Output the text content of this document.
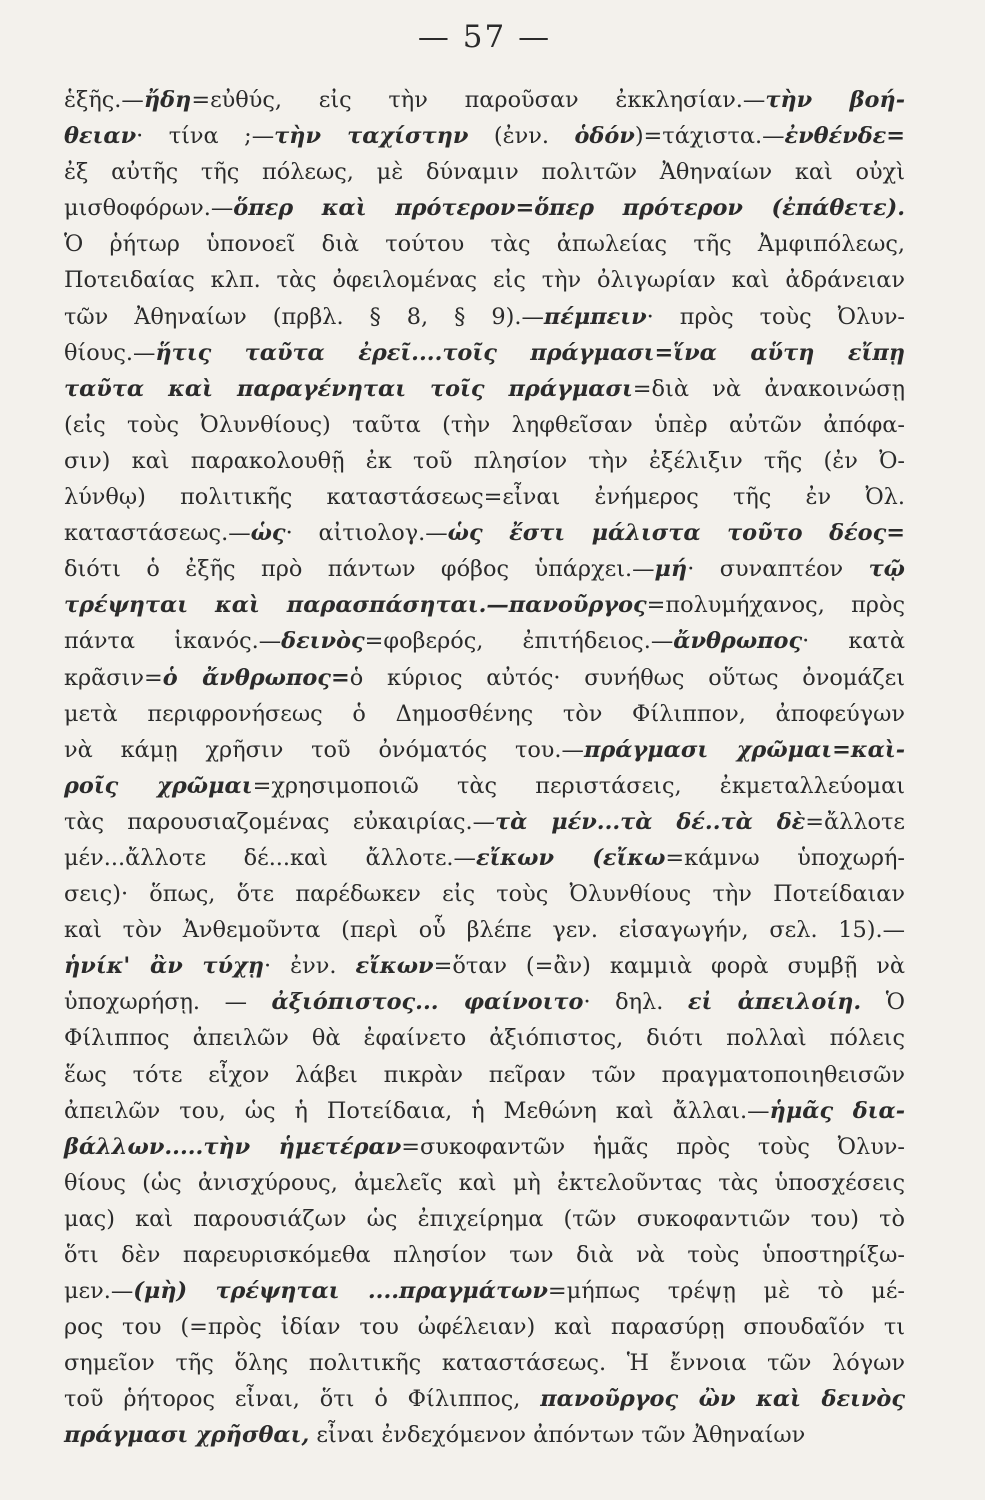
— 57 —
ἑξῆς.—ἤδη=εὐθύς, εἰς τὴν παροῦσαν ἐκκλησίαν.—τὴν βοή-
θειαν· τίνα ;—τὴν ταχίστην (ἐνν. ὁδόν)=τάχιστα.—ἐνθένδε=
ἐξ αὐτῆς τῆς πόλεως, μὲ δύναμιν πολιτῶν Ἀθηναίων καὶ οὐχὶ
μισθοφόρων.—ὅπερ καὶ πρότερον=ὅπερ πρότερον (ἐπάθετε).
Ὁ ῥήτωρ ὑπονοεῖ διὰ τούτου τὰς ἀπωλείας τῆς Ἀμφιπόλεως,
Ποτειδαίας κλπ. τὰς ὀφειλομένας εἰς τὴν ὀλιγωρίαν καὶ ἀδράνειαν
τῶν Ἀθηναίων (πρβλ. § 8, § 9).—πέμπειν· πρὸς τοὺς Ὀλυν-
θίους.—ἥτις ταῦτα ἐρεῖ....τοῖς πράγμασι=ἵνα αὕτη εἴπῃ
ταῦτα καὶ παραγένηται τοῖς πράγμασι=διὰ νὰ ἀνακοινώσῃ
(εἰς τοὺς Ὀλυνθίους) ταῦτα (τὴν ληφθεῖσαν ὑπὲρ αὐτῶν ἀπόφα-
σιν) καὶ παρακολουθῇ ἐκ τοῦ πλησίον τὴν ἐξέλιξιν τῆς (ἐν Ὀ-
λύνθῳ) πολιτικῆς καταστάσεως=εἶναι ἐνήμερος τῆς ἐν Ὀλ.
καταστάσεως.—ὡς· αἰτιολογ.—ὡς ἔστι μάλιστα τοῦτο δέος=
διότι ὁ ἐξῆς πρὸ πάντων φόβος ὑπάρχει.—μή· συναπτέον τῷ
τρέψηται καὶ παρασπάσηται.—πανοῦργος=πολυμήχανος, πρὸς
πάντα ἱκανός.—δεινὸς=φοβερός, ἐπιτήδειος.—ἄνθρωπος· κατὰ
κρᾶσιν=ὁ ἄνθρωπος=ὁ κύριος αὐτός· συνήθως οὕτως ὀνομάζει
μετὰ περιφρονήσεως ὁ Δημοσθένης τὸν Φίλιππον, ἀποφεύγων
νὰ κάμῃ χρῆσιν τοῦ ὀνόματός του.—πράγμασι χρῶμαι=καὶ-
ροῖς χρῶμαι=χρησιμοποιῶ τὰς περιστάσεις, ἐκμεταλλεύομαι
τὰς παρουσιαζομένας εὐκαιρίας.—τὰ μέν...τὰ δέ..τὰ δὲ=ἄλλοτε
μέν...ἄλλοτε δέ...καὶ ἄλλοτε.—εἴκων (εἴκω=κάμνω ὑποχωρή-
σεις)· ὅπως, ὅτε παρέδωκεν εἰς τοὺς Ὀλυνθίους τὴν Ποτείδαιαν
καὶ τὸν Ἀνθεμοῦντα (περὶ οὗ βλέπε γεν. εἰσαγωγήν, σελ. 15).—
ἡνίκ' ἂν τύχῃ· ἐνν. εἴκων=ὅταν (=ἂν) καμμιὰ φορὰ συμβῇ νὰ
ὑποχωρήσῃ. — ἀξιόπιστος... φαίνοιτο· δηλ. εἰ ἀπειλοίη. Ὁ
Φίλιππος ἀπειλῶν θὰ ἐφαίνετο ἀξιόπιστος, διότι πολλαὶ πόλεις
ἕως τότε εἶχον λάβει πικρὰν πεῖραν τῶν πραγματοποιηθεισῶν
ἀπειλῶν του, ὡς ἡ Ποτείδαια, ἡ Μεθώνη καὶ ἄλλαι.—ἡμᾶς δια-
βάλλων.....τὴν ἡμετέραν=συκοφαντῶν ἡμᾶς πρὸς τοὺς Ὀλυν-
θίους (ὡς ἀνισχύρους, ἀμελεῖς καὶ μὴ ἐκτελοῦντας τὰς ὑποσχέσεις
μας) καὶ παρουσιάζων ὡς ἐπιχείρημα (τῶν συκοφαντιῶν του) τὸ
ὅτι δὲν παρευρισκόμεθα πλησίον των διὰ νὰ τοὺς ὑποστηρίξω-
μεν.—(μὴ) τρέψηται ....πραγμάτων=μήπως τρέψῃ μὲ τὸ μέ-
ρος του (=πρὸς ἰδίαν του ὠφέλειαν) καὶ παρασύρῃ σπουδαῖόν τι
σημεῖον τῆς ὅλης πολιτικῆς καταστάσεως. Ἡ ἔννοια τῶν λόγων
τοῦ ῥήτορος εἶναι, ὅτι ὁ Φίλιππος, πανοῦργος ὢν καὶ δεινὸς
πράγμασι χρῆσθαι, εἶναι ἐνδεχόμενον ἀπόντων τῶν Ἀθηναίων
